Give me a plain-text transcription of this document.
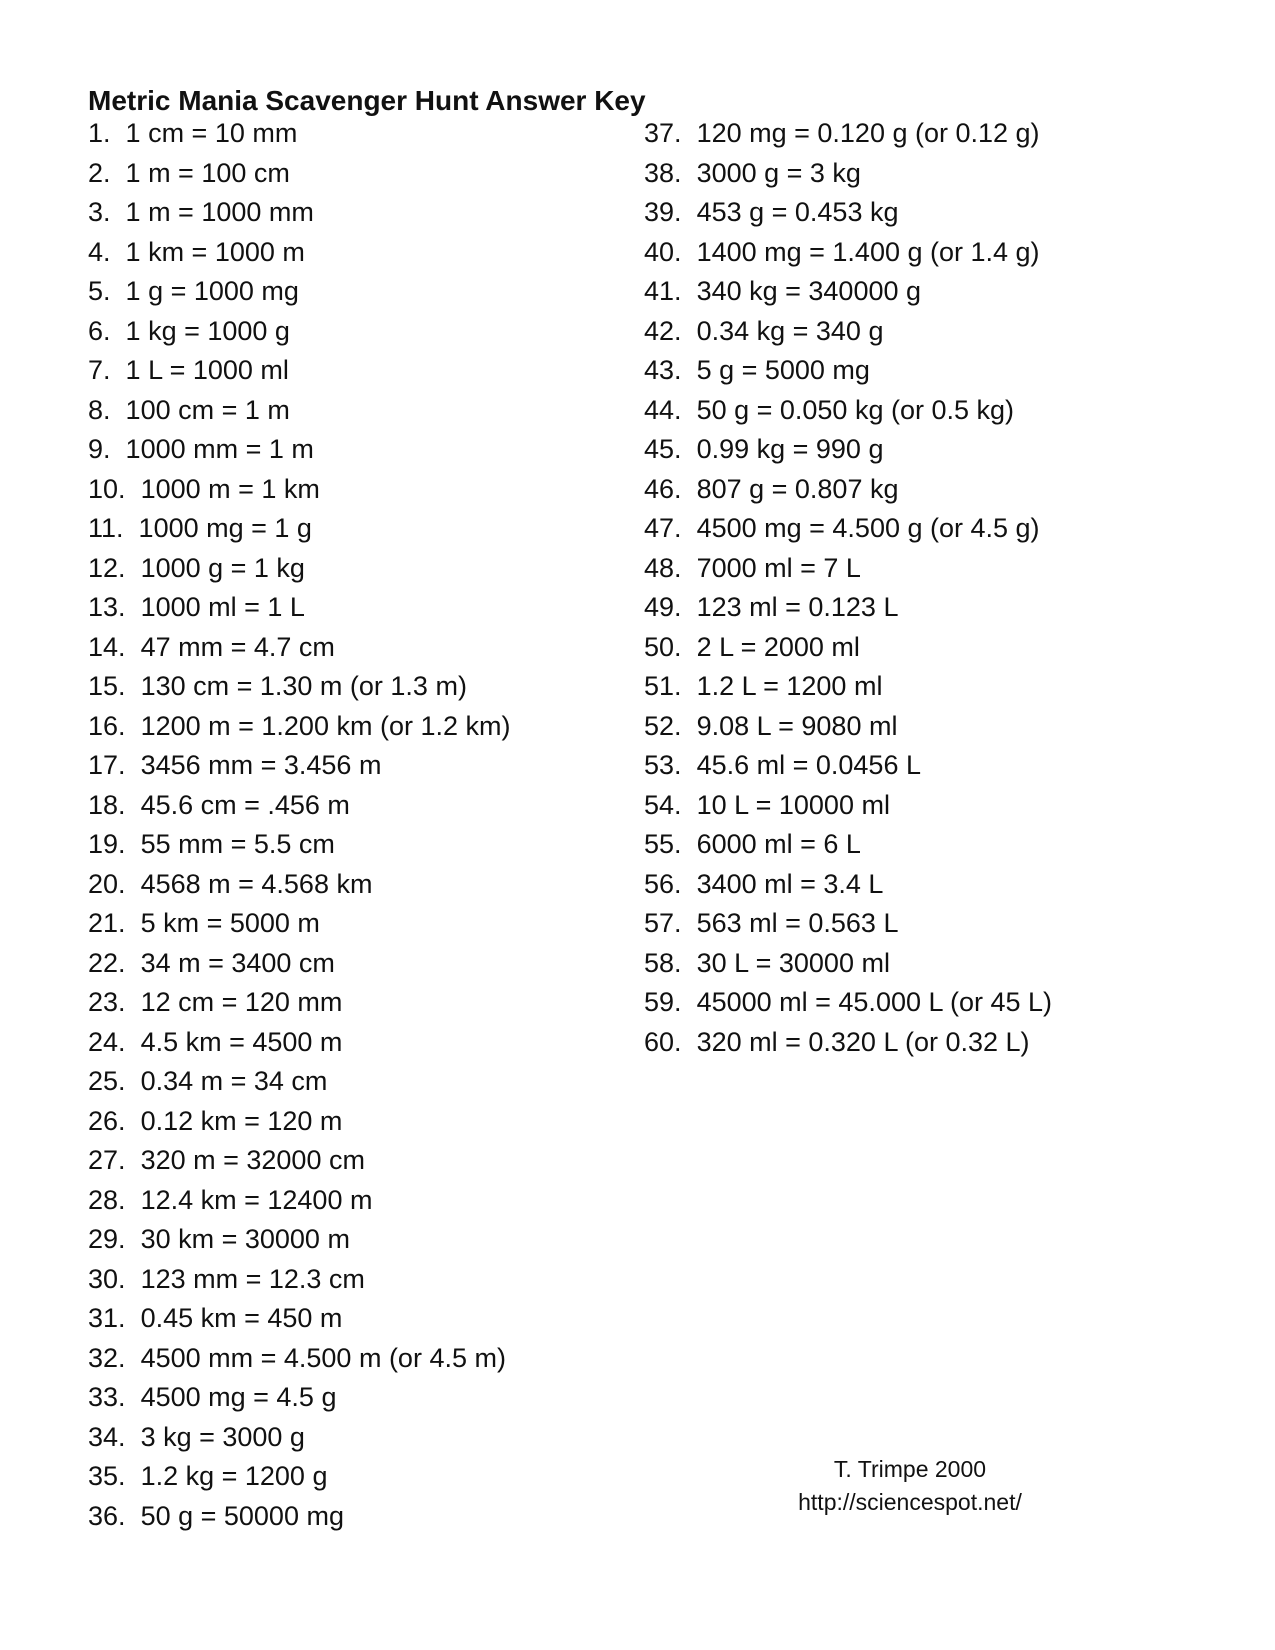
Metric Mania Scavenger Hunt Answer Key
1. 1 cm = 10 mm
2. 1 m = 100 cm
3. 1 m = 1000 mm
4. 1 km = 1000 m
5. 1 g = 1000 mg
6. 1 kg = 1000 g
7. 1 L = 1000 ml
8. 100 cm = 1 m
9. 1000 mm = 1 m
10. 1000 m = 1 km
11. 1000 mg = 1 g
12. 1000 g = 1 kg
13. 1000 ml = 1 L
14. 47 mm = 4.7 cm
15. 130 cm = 1.30 m (or 1.3 m)
16. 1200 m = 1.200 km (or 1.2 km)
17. 3456 mm = 3.456 m
18. 45.6 cm = .456 m
19. 55 mm = 5.5 cm
20. 4568 m = 4.568 km
21. 5 km = 5000 m
22. 34 m = 3400 cm
23. 12 cm = 120 mm
24. 4.5 km = 4500 m
25. 0.34 m = 34 cm
26. 0.12 km = 120 m
27. 320 m = 32000 cm
28. 12.4 km = 12400 m
29. 30 km = 30000 m
30. 123 mm = 12.3 cm
31. 0.45 km = 450 m
32. 4500 mm = 4.500 m (or 4.5 m)
33. 4500 mg = 4.5 g
34. 3 kg = 3000 g
35. 1.2 kg = 1200 g
36. 50 g = 50000 mg
37. 120 mg = 0.120 g (or 0.12 g)
38. 3000 g = 3 kg
39. 453 g = 0.453 kg
40. 1400 mg = 1.400 g (or 1.4 g)
41. 340 kg = 340000 g
42. 0.34 kg = 340 g
43. 5 g = 5000 mg
44. 50 g = 0.050 kg (or 0.5 kg)
45. 0.99 kg = 990 g
46. 807 g = 0.807 kg
47. 4500 mg = 4.500 g (or 4.5 g)
48. 7000 ml = 7 L
49. 123 ml = 0.123 L
50. 2 L = 2000 ml
51. 1.2 L = 1200 ml
52. 9.08 L = 9080 ml
53. 45.6 ml = 0.0456 L
54. 10 L = 10000 ml
55. 6000 ml = 6 L
56. 3400 ml = 3.4 L
57. 563 ml = 0.563 L
58. 30 L = 30000 ml
59. 45000 ml = 45.000 L (or 45 L)
60. 320 ml = 0.320 L (or 0.32 L)
T. Trimpe 2000
http://sciencespot.net/
